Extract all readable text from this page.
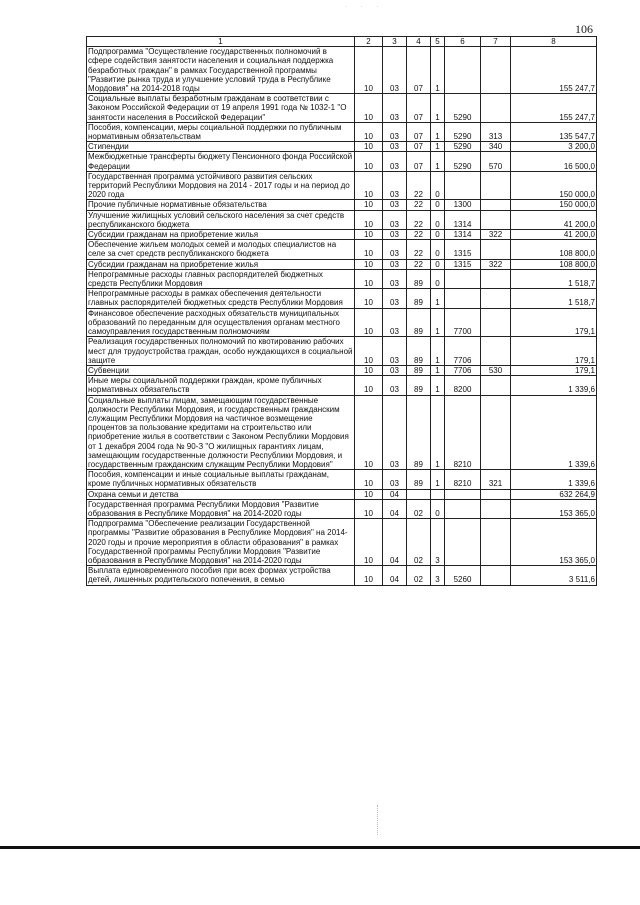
· · ·
106
1	2	3	4	5	6	7	8
Подпрограмма "Осуществление государственных полномочий в сфере содействия занятости населения и социальная поддержка безработных граждан" в рамках Государственной программы "Развитие рынка труда и улучшение условий труда в Республике Мордовия" на 2014-2018 годы	10	03	07	1			155 247,7
Социальные выплаты безработным гражданам в соответствии с Законом Российской Федерации от 19 апреля 1991 года № 1032-1 "О занятости населения в Российской Федерации"	10	03	07	1	5290		155 247,7
Пособия, компенсации, меры социальной поддержки по публичным нормативным обязательствам	10	03	07	1	5290	313	135 547,7
Стипендии	10	03	07	1	5290	340	3 200,0
Межбюджетные трансферты бюджету Пенсионного фонда Российской Федерации	10	03	07	1	5290	570	16 500,0
Государственная программа устойчивого развития сельских территорий Республики Мордовия на 2014 - 2017 годы и на период до 2020 года	10	03	22	0			150 000,0
Прочие публичные нормативные обязательства	10	03	22	0	1300		150 000,0
Улучшение жилищных условий сельского населения за счет средств республиканского бюджета	10	03	22	0	1314		41 200,0
Субсидии гражданам на приобретение жилья	10	03	22	0	1314	322	41 200,0
Обеспечение жильем молодых семей и молодых специалистов на селе за счет средств республиканского бюджета	10	03	22	0	1315		108 800,0
Субсидии гражданам на приобретение жилья	10	03	22	0	1315	322	108 800,0
Непрограммные расходы главных распорядителей бюджетных средств Республики Мордовия	10	03	89	0			1 518,7
Непрограммные расходы в рамках обеспечения деятельности главных распорядителей бюджетных средств Республики Мордовия	10	03	89	1			1 518,7
Финансовое обеспечение расходных обязательств муниципальных образований по переданным для осуществления органам местного самоуправления государственным полномочиям	10	03	89	1	7700		179,1
Реализация государственных полномочий по квотированию рабочих мест для трудоустройства граждан, особо нуждающихся в социальной защите	10	03	89	1	7706		179,1
Субвенции	10	03	89	1	7706	530	179,1
Иные меры социальной поддержки граждан, кроме публичных нормативных обязательств	10	03	89	1	8200		1 339,6
Социальные выплаты лицам, замещающим государственные должности Республики Мордовия, и государственным гражданским служащим Республики Мордовия на частичное возмещение процентов за пользование кредитами на строительство или приобретение жилья в соответствии с Законом Республики Мордовия от 1 декабря 2004 года № 90-З "О жилищных гарантиях лицам, замещающим государственные должности Республики Мордовия, и государственным гражданским служащим Республики Мордовия"	10	03	89	1	8210		1 339,6
Пособия, компенсации и иные социальные выплаты гражданам, кроме публичных нормативных обязательств	10	03	89	1	8210	321	1 339,6
Охрана семьи и детства	10	04					632 264,9
Государственная программа Республики Мордовия "Развитие образования в Республике Мордовия" на 2014-2020 годы	10	04	02	0			153 365,0
Подпрограмма "Обеспечение реализации Государственной программы "Развитие образования в Республике Мордовия" на 2014-2020 годы и прочие мероприятия в области образования" в рамках Государственной программы Республики Мордовия "Развитие образования в Республике Мордовия" на 2014-2020 годы	10	04	02	3			153 365,0
Выплата единовременного пособия при всех формах устройства детей, лишенных родительского попечения, в семью	10	04	02	3	5260		3 511,6
